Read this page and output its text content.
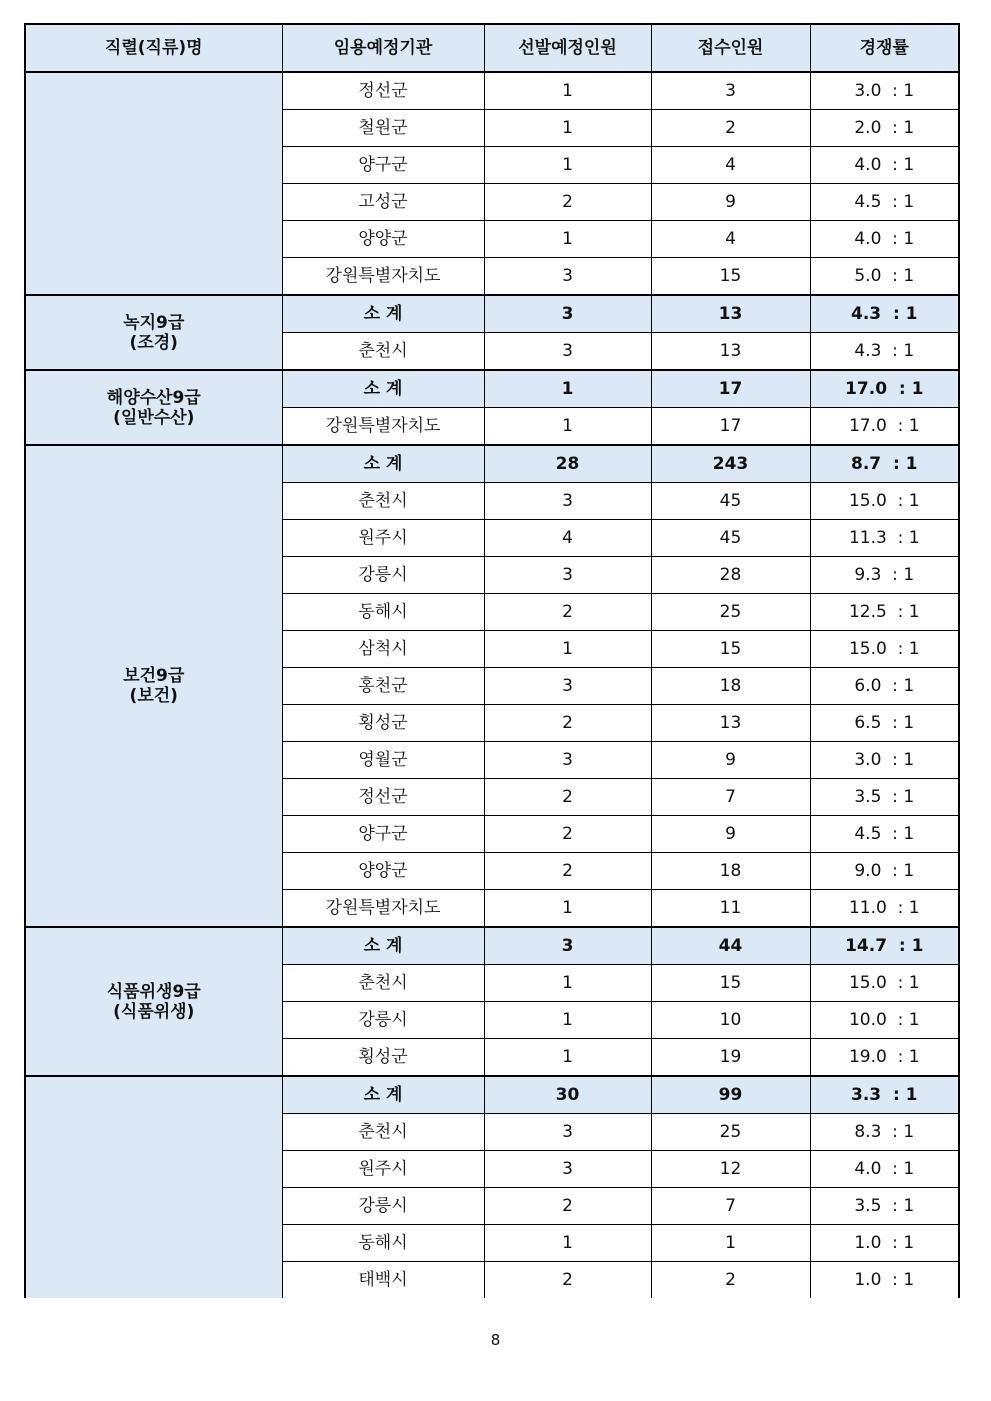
직렬(직류)명	임용예정기관	선발예정인원	접수인원	경쟁률
	정선군	1	3	3.0  : 1
	철원군	1	2	2.0  : 1
	양구군	1	4	4.0  : 1
	고성군	2	9	4.5  : 1
	양양군	1	4	4.0  : 1
	강원특별자치도	3	15	5.0  : 1

녹지9급
(조경)	소 계	3	13	4.3  : 1
	춘천시	3	13	4.3  : 1

해양수산9급
(일반수산)	소 계	1	17	17.0  : 1
	강원특별자치도	1	17	17.0  : 1

보건9급
(보건)	소 계	28	243	8.7  : 1
	춘천시	3	45	15.0  : 1
	원주시	4	45	11.3  : 1
	강릉시	3	28	9.3  : 1
	동해시	2	25	12.5  : 1
	삼척시	1	15	15.0  : 1
	홍천군	3	18	6.0  : 1
	횡성군	2	13	6.5  : 1
	영월군	3	9	3.0  : 1
	정선군	2	7	3.5  : 1
	양구군	2	9	4.5  : 1
	양양군	2	18	9.0  : 1
	강원특별자치도	1	11	11.0  : 1

식품위생9급
(식품위생)	소 계	3	44	14.7  : 1
	춘천시	1	15	15.0  : 1
	강릉시	1	10	10.0  : 1
	횡성군	1	19	19.0  : 1
	소 계	30	99	3.3  : 1
	춘천시	3	25	8.3  : 1
	원주시	3	12	4.0  : 1
	강릉시	2	7	3.5  : 1
	동해시	1	1	1.0  : 1
	태백시	2	2	1.0  : 1
8
